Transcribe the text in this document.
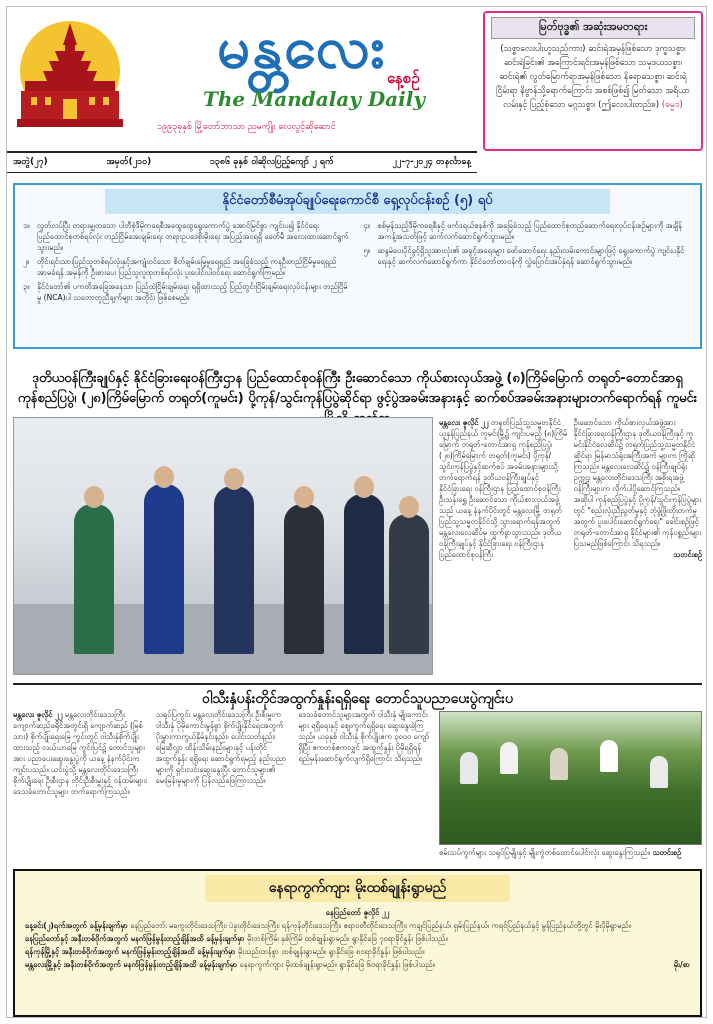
မန္တလေး နေ့စဉ်
The Mandalay Daily
၁၉၉၃ခုနှစ် မြို့တော်ဘာသာ ညမကျိုး လေလွင့်ဆိုဆောင်
မြတ်ဗုဒ္ဓ၏ အဆုံးအမတရား
(သစ္စာလေးပါးဟူသည်ကား) ဆင်းရဲအမှန်ဖြစ်သော ဒုက္ခသစ္စာ၊ ဆင်းရဲခြင်း၏ အကြောင်းရင်းအမှန်ဖြစ်သော သမုဒယသစ္စာ၊ ဆင်းရဲ၏ လွတ်မြောက်ရာအမှန်ဖြစ်သော နိရောဓသစ္စာ၊ ဆင်းရဲငြိမ်းရာ နိဗ္ဗာန်သို့ရောက်ကြောင်း အစစ်ဖြစ်၍ မြတ်သော အရိယာလမ်းနှင့် ပြည့်စုံသော မဂ္ဂသစ္စာ၊ (ဤလေးပါးတည်း။) (ဓမ္မ၁)
အတွဲ(၂၇)	အမှတ်(၂၁၀)	၁၃၈၆ ခုနှစ် ဝါဆိုလပြည့်ကျော် ၂ ရက်	၂၂-၇-၂၀၂၄ တနင်္လာနေ့
နိုင်ငံတော်စီမံအုပ်ချုပ်ရေးကောင်စီ ရှေ့လုပ်ငန်းစဉ် (၅) ရပ်
၁။	လွတ်လပ်ပြီး တရားမျှတသော ပါတီစုံဒီမိုကရေစီအထွေထွေရွေးကောက်ပွဲ အောင်မြင်စွာ ကျင်းပ၍ နိုင်ငံရေး ပြည်ထောင်စုတစ်ရပ်လုံး တည်ငြိမ်အေးချမ်းရေး တရားဥပဒေစိုးမိုးရေး အပြည့်အဝရရှိ ခေတ်မီ အလေးထားဆောင်ရွက်သွားမည်။
၂။	တိုင်းရင်းသားပြည်သူတစ်ရပ်လုံးနှင့်အကျုံးဝင်သော စိတ်ချမ်းမြေ့မှုရေရှည် အခြေခံသည့် ကနဦးတည်ငြိမ်မှုရေရှည်အာမခံရန် အမှန်ကို ဦးစားပေး ပြည်သူလူထုတစ်ရပ်လုံး ပူးပေါင်းပါဝင်ရေး ဆောင်ရွက်ကြမည်။
၃။	နိုင်ငံတော်၏ ပကတိအခြေအနေသာ ပြည်ထဲငြိမ်းချမ်းရေး ရရှိထားသည့် ပြည်တွင်းငြိမ်းချမ်းရေးလုပ်ငန်းများ တည်ငြိမ်မှု (NCA)ပါ သဘောတူညီချက်များ အတိုင်း ဖြစ်စေမည်။
၄။	စစ်မှန်သည့်ဒီမိုကရေစီနှင့် ဖက်ဒရယ်စနစ်ကို အခြေခံသည့် ပြည်ထောင်စုတည်ဆောက်ရေးလုပ်ငန်းစဉ်များကို အချိန်အကန့်အသတ်ဖြင့် ဆက်လက်ဆောင်ရွက်သွားမည်။
၅။	ဆန္ဒမဲပေးပိုင်ခွင့်ရှိသူအားလုံး၏ အခွင့်အရေးများ ဖော်ဆောင်ရေး နည်းလမ်းကောင်းများဖြင့် ရွေးကောက်ပွဲ ကျင်းပနိုင်ရေးနှင့် ဆက်လက်ဆောင်ရွက်ကာ နိုင်ငံတော်တာဝန်ကို လွှဲပြောင်းအပ်နှံရန် ဆောင်ရွက်သွားမည်။
ဒုတိယဝန်ကြီးချုပ်နှင့် နိုင်ငံခြားရေးဝန်ကြီးဌာန ပြည်ထောင်စုဝန်ကြီး ဦးဆောင်သော ကိုယ်စားလှယ်အဖွဲ့ (၈)ကြိမ်မြောက် တရုတ်-တောင်အာရှ ကုန်စည်ပြပွဲ၊ (၂၈)ကြိမ်မြောက် တရုတ်(ကူမင်း) ပို့ကုန်/သွင်းကုန်ပြပွဲဆိုင်ရာ ဖွင့်ပွဲအခမ်းအနားနှင့် ဆက်စပ်အခမ်းအနားများတက်ရောက်ရန် ကူမင်း
မန္တလေး ဇူလိုင် ၂၂ တရုတ်ပြည်သူ့သမ္မတနိုင်ငံ ယူနန်ပြည်နယ် ကူမင်းမြို့၌ ကျင်းပမည့် (၈)ကြိမ်မြောက် တရုတ်-တောင်အာရှ ကုန်စည်ပြပွဲ၊ (၂၈)ကြိမ်မြောက် တရုတ်(ကူမင်း) ပို့ကုန်/သွင်းကုန်ပြပွဲနှင့်ဆက်စပ် အခမ်းအနားများသို့ တက်ရောက်ရန် ဒုတိယဝန်ကြီးချုပ်နှင့် နိုင်ငံခြားရေး ဝန်ကြီးဌာန ပြည်ထောင်စုဝန်ကြီး ဦးသန်းရွှေ ဦးဆောင်သော ကိုယ်စားလှယ်အဖွဲ့သည် ယနေ့ နံနက်ပိုင်းတွင် မန္တလေးမြို့ တရုတ်ပြည်သူ့သမ္မတနိုင်ငံသို့ သွားရောက်ရန်အတွက် မန္တလေးလေဆိပ်မှ ထွက်ခွာသွားသည်။ ဒုတိယဝန်ကြီးချုပ်နှင့် နိုင်ငံခြားရေး ဝန်ကြီးဌာန ပြည်ထောင်စုဝန်ကြီး
ဦးဆောင်သော ကိုယ်စားလှယ်အဖွဲ့အား နိုင်ငံခြားရေးဝန်ကြီးဌာန ဒုတိယဝန်ကြီးနှင့် ကူမင်းနိုင်ငံလေဆိပ်၌ တရုတ်ပြည်သူ့သမ္မတနိုင်ငံဆိုင်ရာ မြန်မာသံရုံးအကြီးအကဲ များက ကြိုဆိုကြသည်။ မန္တလေးလေဆိပ်၌ ဝန်ကြီးချုပ်ရုံး ဥက္ကဋ္ဌ၊ မန္တလေးတိုင်းဒေသကြီး အစိုးရအဖွဲ့ ဝန်ကြီးများက လိုက်ပါပို့ဆောင်ကြသည်။ အဆိုပါ ကုန်စည်ပြပွဲနှင့် ပို့ကုန်/သွင်းကုန်ပြပွဲများတွင် "စည်းလုံးညီညွတ်မှုနှင့် ဘုံဖွံ့ဖြိုးတိုးတက်မှုအတွက် ပူးပေါင်းဆောင်ရွက်ရေး" ခေါင်းစဉ်ဖြင့် တရုတ်-တောင်အာရှ နိုင်ငံများ၏ ကုန်ပစ္စည်းများ ပြသမည်ဖြစ်ကြောင်း သိရသည်။
သတင်းစဉ်
ဝါသီးနှံပန်းတိုင်အထွက်နှုန်းရရှိရေး တောင်သူပညာပေးပွဲကျင်းပ
မန္တလေး ဇူလိုင် ၂၂ မန္တလေးတိုင်းဒေသကြီး ကျောက်ဆည်ခရိုင်အတွင်းရှိ ကျောက်ဆည် (မြစ်သား) စိုက်ပျိုးရေးမြေ ကွင်းတွင် ဝါသီးနှံစိုက်ပျိုးထားသည့် လယ်ယာမြေ ကွင်းပြင်၌ တောင်သူများအား ပညာပေးဆွေးနွေးပွဲကို ယနေ့ နံနက်ပိုင်းက ကျင်းပသည်။ ယင်းပွဲသို့ မန္တလေးတိုင်းဒေသကြီး စိုက်ပျိုးရေး ဦးစီးဌာန တိုင်းဦးစီးမှူးနှင့် ဝန်ထမ်းများ၊ ဒေသခံတောင်သူများ တက်ရောက်ကြသည်။
သရုပ်ပြကွင်း မန္တလေးတိုင်းဒေသကြီး ဦးစီးမှူးက ဝါသီးနှံ ပိုမိုကောင်းမွန်စွာ စိုက်ပျိုးနိုင်ရေးအတွက် ပိုးမွှားကာကွယ်နှိမ်နင်းနည်း၊ ပေါင်းသတ်နည်း၊ မြေဆီလွှာ ထိန်းသိမ်းနည်းများနှင့် ပန်းတိုင် အထွက်နှုန်း ရရှိရေး ဆောင်ရွက်ရမည့် နည်းပညာများကို ရှင်းလင်းဆွေးနွေးပြီး တောင်သူများ၏ မေးမြန်းမှုများကို ပြန်လည်ဖြေကြားသည်။
ဒေသခံတောင်သူများအတွက် ဝါသီးနှံ မျိုးကောင်းများ ရရှိရေးနှင့် ဈေးကွက်ရရှိရေး ဆွေးနွေးခဲ့ကြသည်။ ယခုနှစ် ဝါသီးနှံ စိုက်ပျိုးဧက ၃၀၀၀ ကျော်ရှိပြီး ဧကတစ်ဧကလျှင် အထွက်နှုန်း ပိုမိုရရှိရန် ရည်မှန်းဆောင်ရွက်လျက်ရှိကြောင်း သိရသည်။
စမ်းသပ်ကွက်များ သရုပ်ပြမျိုးနှင့် မျိုးကွဲတစ်ထောင်ပေါင်းလုံး ဆွေးနွေးကြသည်။ သတင်းစဉ်
နေရာကွက်ကျား မိုးထစ်ချုန်းရွာမည်
နေပြည်တော် ဇူလိုင် ၂၂
နေ့ခင်း(၂)ရက်အတွက် ခန့်မှန်းချက်မှာ နေပြည်တော်၊ မကွေးတိုင်းဒေသကြီး၊ ပဲခူးတိုင်းဒေသကြီး၊ ရန်ကုန်တိုင်းဒေသကြီး၊ ဧရာဝတီတိုင်းဒေသကြီး၊ ကချင်ပြည်နယ်၊ ရှမ်းပြည်နယ်၊ ကရင်ပြည်နယ်နှင့် မွန်ပြည်နယ်တို့တွင် မိုးပိုမိုရွာမည်။
နေပြည်တော်နှင့် အနီးတစ်ဝိုက်အတွက် မနက်ဖြန်မွန်းတည့်ချိန်အထိ ခန့်မှန်းချက်မှာ မိုးတစ်ကြိမ်၊ နှစ်ကြိမ် ထစ်ချုန်းရွာမည်။ ရွာနိုင်ခြေ ၇၀ရာခိုင်နှုန်း ဖြစ်ပါသည်။
ရန်ကုန်မြို့နှင့် အနီးတစ်ဝိုက်အတွက် မနက်ဖြန်မွန်းတည့်ချိန်အထိ ခန့်မှန်းချက်မှာ မိုးသည်းထန်စွာ ထစ်ချုန်းရွာမည်။ ရွာနိုင်ခြေ ၈၀ရာခိုင်နှုန်း ဖြစ်ပါသည်။
မန္တလေးမြို့နှင့် အနီးတစ်ဝိုက်အတွက် မနက်ဖြန်မွန်းတည့်ချိန်အထိ ခန့်မှန်းချက်မှာ နေရာကွက်ကျား မိုးထစ်ချုန်းရွာမည်။ ရွာနိုင်ခြေ ၆၀ရာခိုင်နှုန်း ဖြစ်ပါသည်။	မိုး/စာ
